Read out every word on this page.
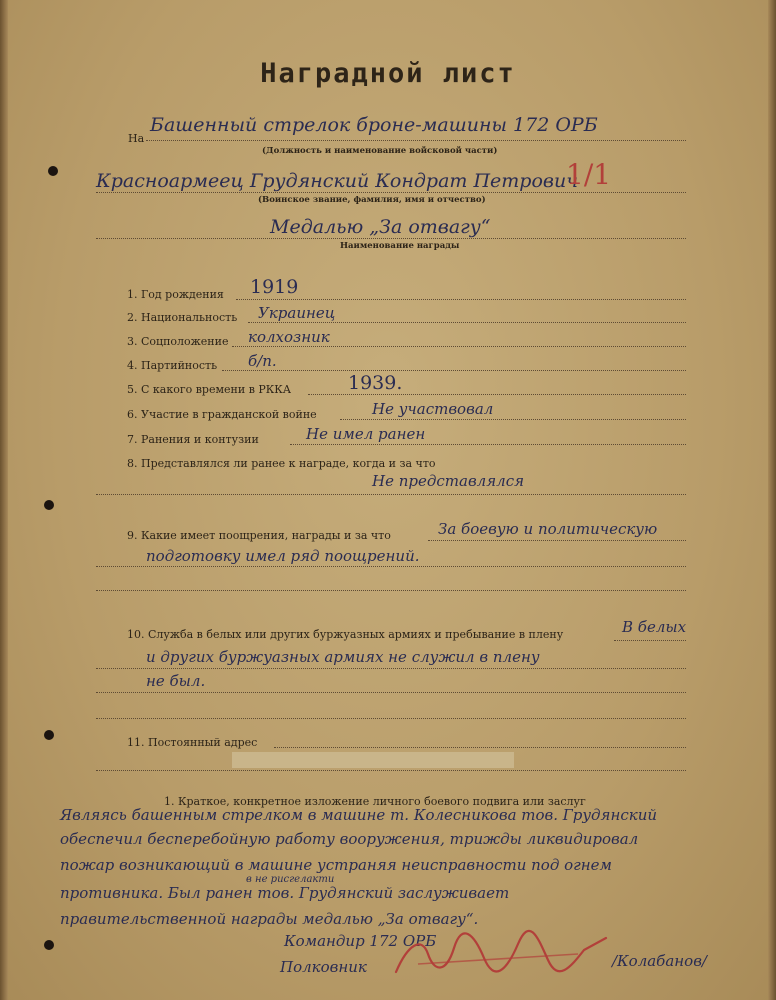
Наградной лист
На
Башенный стрелок броне-машины 172 ОРБ
(Должность и наименование войсковой части)
Красноармеец Грудянский Кондрат Петрович
(Воинское звание, фамилия, имя и отчество)
1/1
Медалью „За отвагу“
Наименование награды
1. Год рождения 1919
2. Национальность Украинец
3. Соцположение колхозник
4. Партийность б/п.
5. С какого времени в РККА	1939.
6. Участие в гражданской войне	Не участвовал
7. Ранения и контузии	Не имел ранен
8. Представлялся ли ранее к награде, когда и за что
Не представлялся
9. Какие имеет поощрения, награды и за что	За боевую и политическую
подготовку имел ряд поощрений.
10. Служба в белых или других буржуазных армиях и пребывание в плену	В белых
и других буржуазных армиях не служил в плену
не был.
11. Постоянный адрес
1. Краткое, конкретное изложение личного боевого подвига или заслуг
Являясь башенным стрелком в машине т. Колесникова тов. Грудянский
обеспечил бесперебойную работу вооружения, трижды ликвидировал
пожар возникающий в машине устраняя неисправности под огнем
в не рисгелакти
противника. Был ранен тов. Грудянский заслуживает
правительственной награды медалью „За отвагу“.
Командир 172 ОРБ
Полковник	/Колабанов/
